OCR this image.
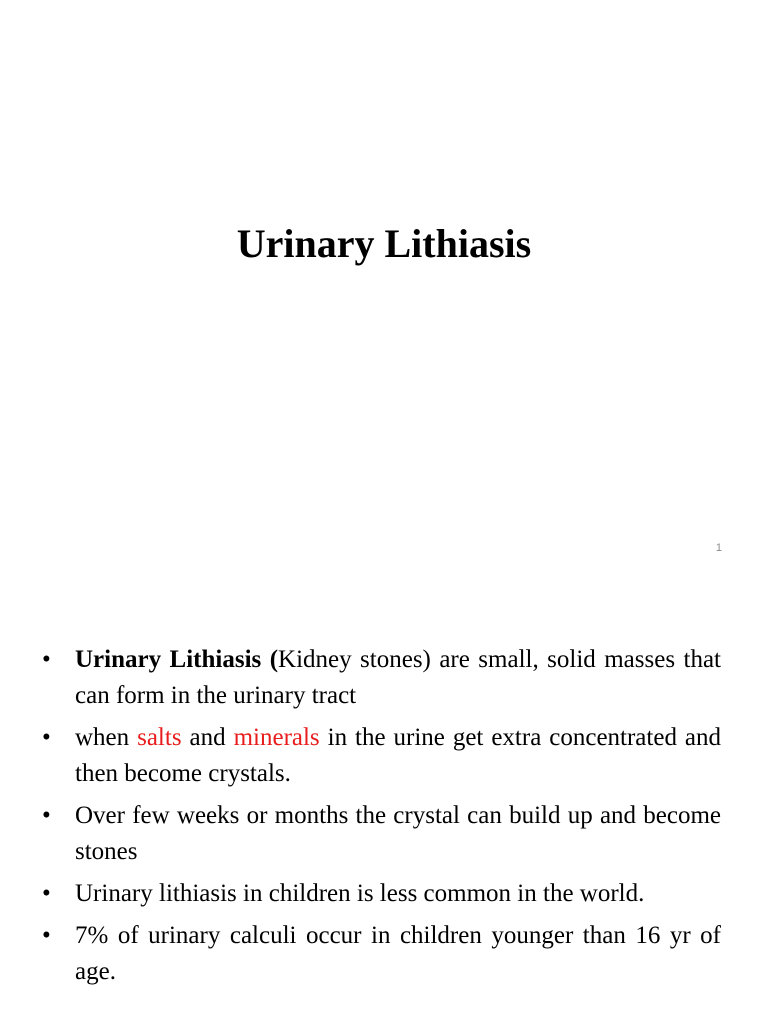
Urinary Lithiasis
1
• Urinary Lithiasis (Kidney stones) are small, solid masses that can form in the urinary tract
• when salts and minerals in the urine get extra concentrated and then become crystals.
• Over few weeks or months the crystal can build up and become stones
• Urinary lithiasis in children is less common in the world.
• 7% of urinary calculi occur in children younger than 16 yr of age.
